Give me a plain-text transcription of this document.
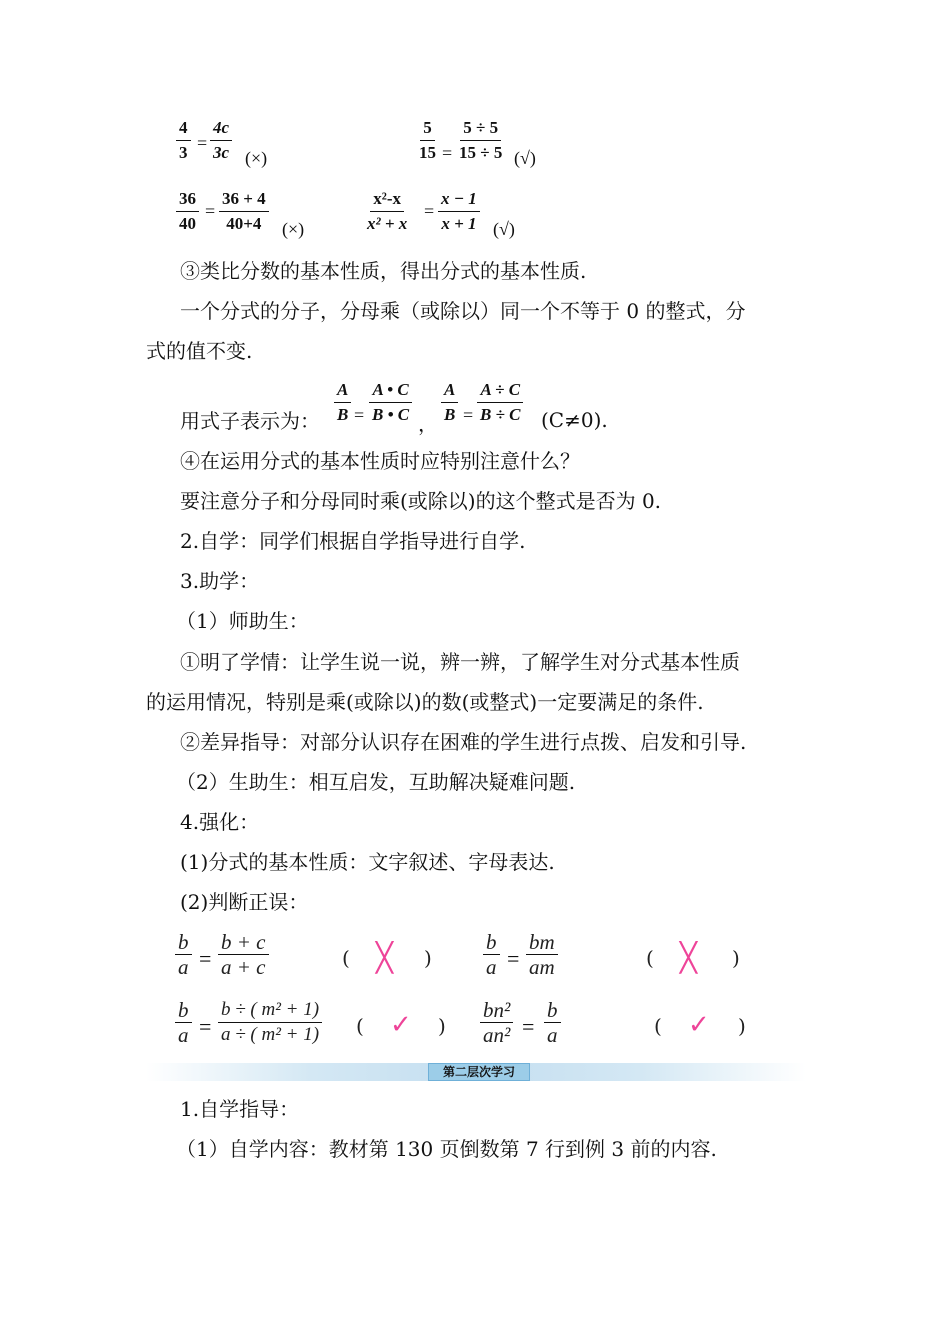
$\frac{4}{3} = \frac{4c}{3c}$ (×)	$\frac{5}{15} = \frac{5 \div 5}{15 \div 5}$ (√)
$\frac{36}{40} = \frac{36 + 4}{40+4}$ (×)	$\frac{\text{x²-x}}{\text{x² + x}} = \frac{x - 1}{x + 1}$ (√)
③类比分数的基本性质，得出分式的基本性质.
一个分式的分子，分母乘（或除以）同一个不等于 0 的整式，分
式的值不变.
用式子表示为： $\frac{A}{B} = \frac{A • C}{B • C}$ ， $\frac{A}{B} = \frac{A \div C}{B \div C} (C\ne 0)$.
④在运用分式的基本性质时应特别注意什么？
要注意分子和分母同时乘(或除以)的这个整式是否为 0.
2.自学：同学们根据自学指导进行自学.
3.助学：
（1）师助生：
①明了学情：让学生说一说，辨一辨，了解学生对分式基本性质
的运用情况，特别是乘(或除以)的数(或整式)一定要满足的条件.
②差异指导：对部分认识存在困难的学生进行点拨、启发和引导.
（2）生助生：相互启发，互助解决疑难问题.
4.强化：
(1)分式的基本性质：文字叙述、字母表达.
(2)判断正误：
$\frac{b}{a} = \frac{b + c}{a + c}$	( ╳ ) $\frac{b}{a} = \frac{bm}{am}$	( ╳ )
$\frac{b}{a} = \frac{\text{b ÷ ( m² + 1)}}{\text{a ÷ ( m² + 1)}}$ ( ✓ ) $\frac{\text{bn²}}{\text{an²}} = \frac{b}{a}$	( ✓ )
第二层次学习
1.自学指导：
（1）自学内容：教材第 130 页倒数第 7 行到例 3 前的内容.
